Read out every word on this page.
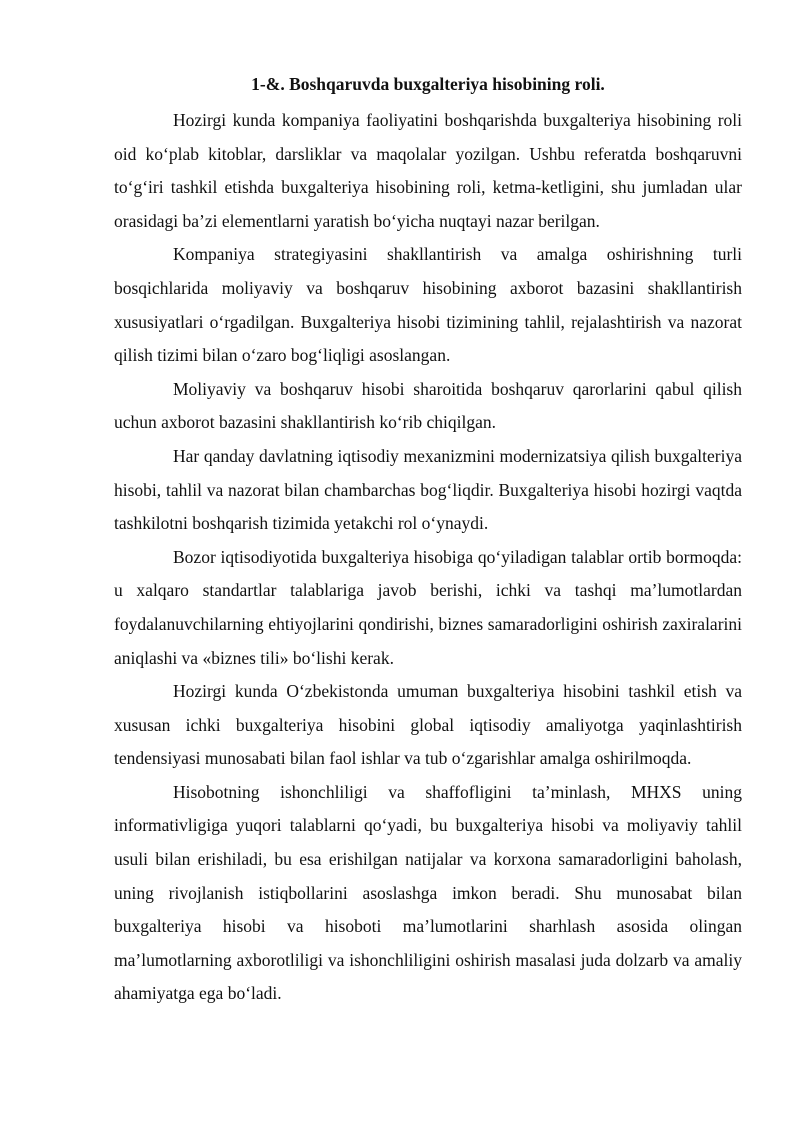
1-&. Boshqaruvda buxgalteriya hisobining roli.

Hozirgi kunda kompaniya faoliyatini boshqarishda buxgalteriya hisobining roli oid ko‘plab kitoblar, darsliklar va maqolalar yozilgan. Ushbu referatda boshqaruvni to‘g‘iri tashkil etishda buxgalteriya hisobining roli, ketma-ketligini, shu jumladan ular orasidagi ba’zi elementlarni yaratish bo‘yicha nuqtayi nazar berilgan.

Kompaniya strategiyasini shakllantirish va amalga oshirishning turli bosqichlarida moliyaviy va boshqaruv hisobining axborot bazasini shakllantirish xususiyatlari o‘rgadilgan. Buxgalteriya hisobi tizimining tahlil, rejalashtirish va nazorat qilish tizimi bilan o‘zaro bog‘liqligi asoslangan.

Moliyaviy va boshqaruv hisobi sharoitida boshqaruv qarorlarini qabul qilish uchun axborot bazasini shakllantirish ko‘rib chiqilgan.

Har qanday davlatning iqtisodiy mexanizmini modernizatsiya qilish buxgalteriya hisobi, tahlil va nazorat bilan chambarchas bog‘liqdir. Buxgalteriya hisobi hozirgi vaqtda tashkilotni boshqarish tizimida yetakchi rol o‘ynaydi.

Bozor iqtisodiyotida buxgalteriya hisobiga qo‘yiladigan talablar ortib bormoqda: u xalqaro standartlar talablariga javob berishi, ichki va tashqi ma’lumotlardan foydalanuvchilarning ehtiyojlarini qondirishi, biznes samaradorligini oshirish zaxiralarini aniqlashi va «biznes tili» bo‘lishi kerak.

Hozirgi kunda O‘zbekistonda umuman buxgalteriya hisobini tashkil etish va xususan ichki buxgalteriya hisobini global iqtisodiy amaliyotga yaqinlashtirish tendensiyasi munosabati bilan faol ishlar va tub o‘zgarishlar amalga oshirilmoqda.

Hisobotning ishonchliligi va shaffofligini ta’minlash, MHXS uning informativligiga yuqori talablarni qo‘yadi, bu buxgalteriya hisobi va moliyaviy tahlil usuli bilan erishiladi, bu esa erishilgan natijalar va korxona samaradorligini baholash, uning rivojlanish istiqbollarini asoslashga imkon beradi. Shu munosabat bilan buxgalteriya hisobi va hisoboti ma’lumotlarini sharhlash asosida olingan ma’lumotlarning axborotliligi va ishonchliligini oshirish masalasi juda dolzarb va amaliy ahamiyatga ega bo‘ladi.
